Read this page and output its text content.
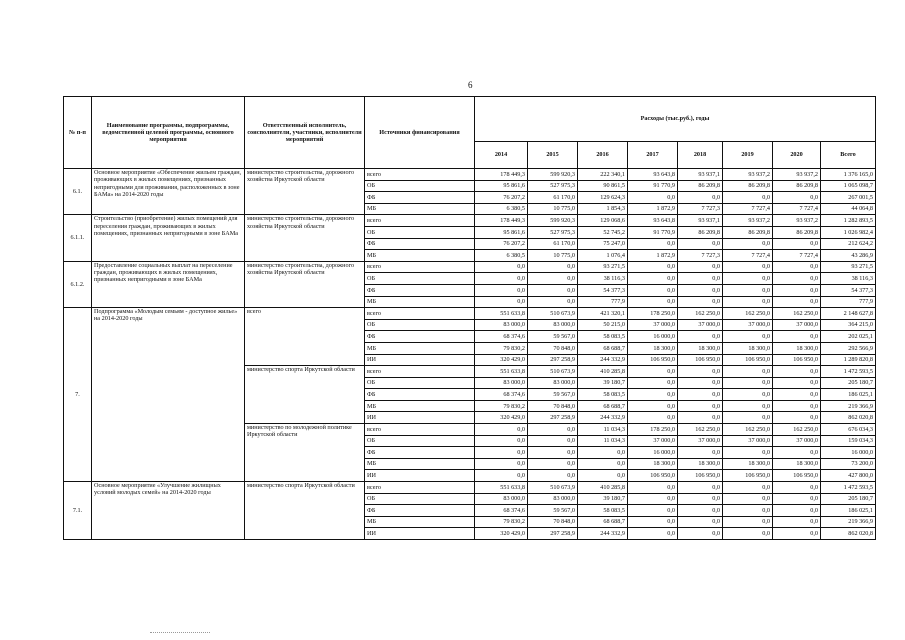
6
№ п-п	Наименование программы, подпрограммы, ведомственной целевой программы, основного мероприятия	Ответственный исполнитель, соисполнители, участники, исполнители мероприятий	Источники финансирования	Расходы (тыс.руб.), годы							
				2014	2015	2016	2017	2018	2019	2020	Всего
6.1.	Основное мероприятие «Обеспечение жильем граждан, проживающих в жилых помещениях, признанных непригодными для проживания, расположенных в зоне БАМа» на 2014-2020 годы	министерство строительства, дорожного хозяйства Иркутской области	всего	178 449,3	599 920,3	222 340,1	93 643,8	93 937,1	93 937,2	93 937,2	1 376 165,0
			ОБ	95 861,6	527 975,3	90 861,5	91 770,9	86 209,8	86 209,8	86 209,8	1 065 098,7
			ФБ	76 207,2	61 170,0	129 624,3	0,0	0,0	0,0	0,0	267 001,5
			МБ	6 380,5	10 775,0	1 854,3	1 872,9	7 727,3	7 727,4	7 727,4	44 064,8
6.1.1.	Строительство (приобретение) жилых помещений для переселения граждан, проживающих в жилых помещениях, признанных непригодными в зоне БАМа	министерство строительства, дорожного хозяйства Иркутской области	всего	178 449,3	599 920,3	129 068,6	93 643,8	93 937,1	93 937,2	93 937,2	1 282 893,5
			ОБ	95 861,6	527 975,3	52 745,2	91 770,9	86 209,8	86 209,8	86 209,8	1 026 982,4
			ФБ	76 207,2	61 170,0	75 247,0	0,0	0,0	0,0	0,0	212 624,2
			МБ	6 380,5	10 775,0	1 076,4	1 872,9	7 727,3	7 727,4	7 727,4	43 286,9
6.1.2.	Предоставление социальных выплат на переселение граждан, проживающих в жилых помещениях, признанных непригодными в зоне БАМа	министерство строительства, дорожного хозяйства Иркутской области	всего	0,0	0,0	93 271,5	0,0	0,0	0,0	0,0	93 271,5
			ОБ	0,0	0,0	38 116,3	0,0	0,0	0,0	0,0	38 116,3
			ФБ	0,0	0,0	54 377,3	0,0	0,0	0,0	0,0	54 377,3
			МБ	0,0	0,0	777,9	0,0	0,0	0,0	0,0	777,9
7.	Подпрограмма «Молодым семьям - доступное жилье» на 2014-2020 годы	всего	всего	551 633,8	510 673,9	421 320,1	178 250,0	162 250,0	162 250,0	162 250,0	2 148 627,8
			ОБ	83 000,0	83 000,0	50 215,0	37 000,0	37 000,0	37 000,0	37 000,0	364 215,0
			ФБ	68 374,6	59 567,0	58 083,5	16 000,0	0,0	0,0	0,0	202 025,1
			МБ	79 830,2	70 848,0	68 688,7	18 300,0	18 300,0	18 300,0	18 300,0	292 566,9
			ИИ	320 429,0	297 258,9	244 332,9	106 950,0	106 950,0	106 950,0	106 950,0	1 289 820,8
		министерство спорта Иркутской области	всего	551 633,8	510 673,9	410 285,8	0,0	0,0	0,0	0,0	1 472 593,5
			ОБ	83 000,0	83 000,0	39 180,7	0,0	0,0	0,0	0,0	205 180,7
			ФБ	68 374,6	59 567,0	58 083,5	0,0	0,0	0,0	0,0	186 025,1
			МБ	79 830,2	70 848,0	68 688,7	0,0	0,0	0,0	0,0	219 366,9
			ИИ	320 429,0	297 258,9	244 332,9	0,0	0,0	0,0	0,0	862 020,8
		министерство по молодежной политике Иркутской области	всего	0,0	0,0	11 034,3	178 250,0	162 250,0	162 250,0	162 250,0	676 034,3
			ОБ	0,0	0,0	11 034,3	37 000,0	37 000,0	37 000,0	37 000,0	159 034,3
			ФБ	0,0	0,0	0,0	16 000,0	0,0	0,0	0,0	16 000,0
			МБ	0,0	0,0	0,0	18 300,0	18 300,0	18 300,0	18 300,0	73 200,0
			ИИ	0,0	0,0	0,0	106 950,0	106 950,0	106 950,0	106 950,0	427 800,0
7.1.	Основное мероприятие «Улучшение жилищных условий молодых семей» на 2014-2020 годы	министерство спорта Иркутской области	всего	551 633,8	510 673,9	410 285,8	0,0	0,0	0,0	0,0	1 472 593,5
			ОБ	83 000,0	83 000,0	39 180,7	0,0	0,0	0,0	0,0	205 180,7
			ФБ	68 374,6	59 567,0	58 083,5	0,0	0,0	0,0	0,0	186 025,1
			МБ	79 830,2	70 848,0	68 688,7	0,0	0,0	0,0	0,0	219 366,9
			ИИ	320 429,0	297 258,9	244 332,9	0,0	0,0	0,0	0,0	862 020,8
